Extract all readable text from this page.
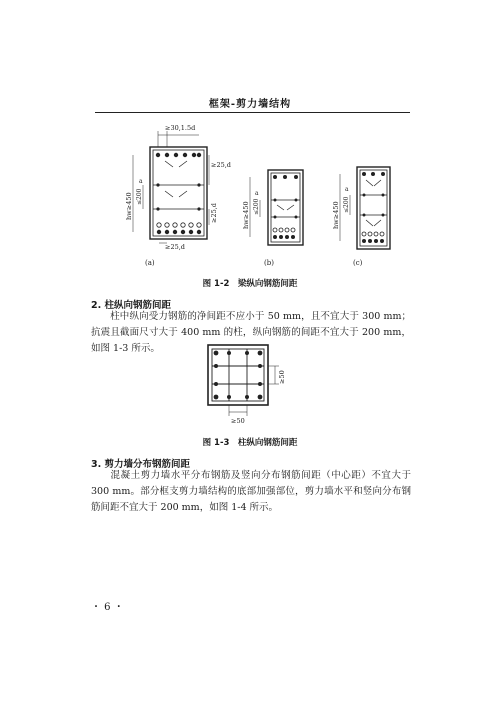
框架-剪力墙结构
≥30,1.5d
≥25,d
≥25,d
≥25,d
hw≥450 ≤200
a
(a)
hw≥450 ≤200
a
(b)
hw≥450 ≤200
a
(c)
图 1-2　梁纵向钢筋间距
2. 柱纵向钢筋间距
柱中纵向受力钢筋的净间距不应小于 50 mm，且不宜大于 300 mm；抗震且截面尺寸大于 400 mm 的柱，纵向钢筋的间距不宜大于 200 mm，如图 1-3 所示。
≥50
≥50
图 1-3　柱纵向钢筋间距
3. 剪力墙分布钢筋间距
混凝土剪力墙水平分布钢筋及竖向分布钢筋间距（中心距）不宜大于 300 mm。部分框支剪力墙结构的底部加强部位，剪力墙水平和竖向分布钢筋间距不宜大于 200 mm，如图 1-4 所示。
・ 6 ・
